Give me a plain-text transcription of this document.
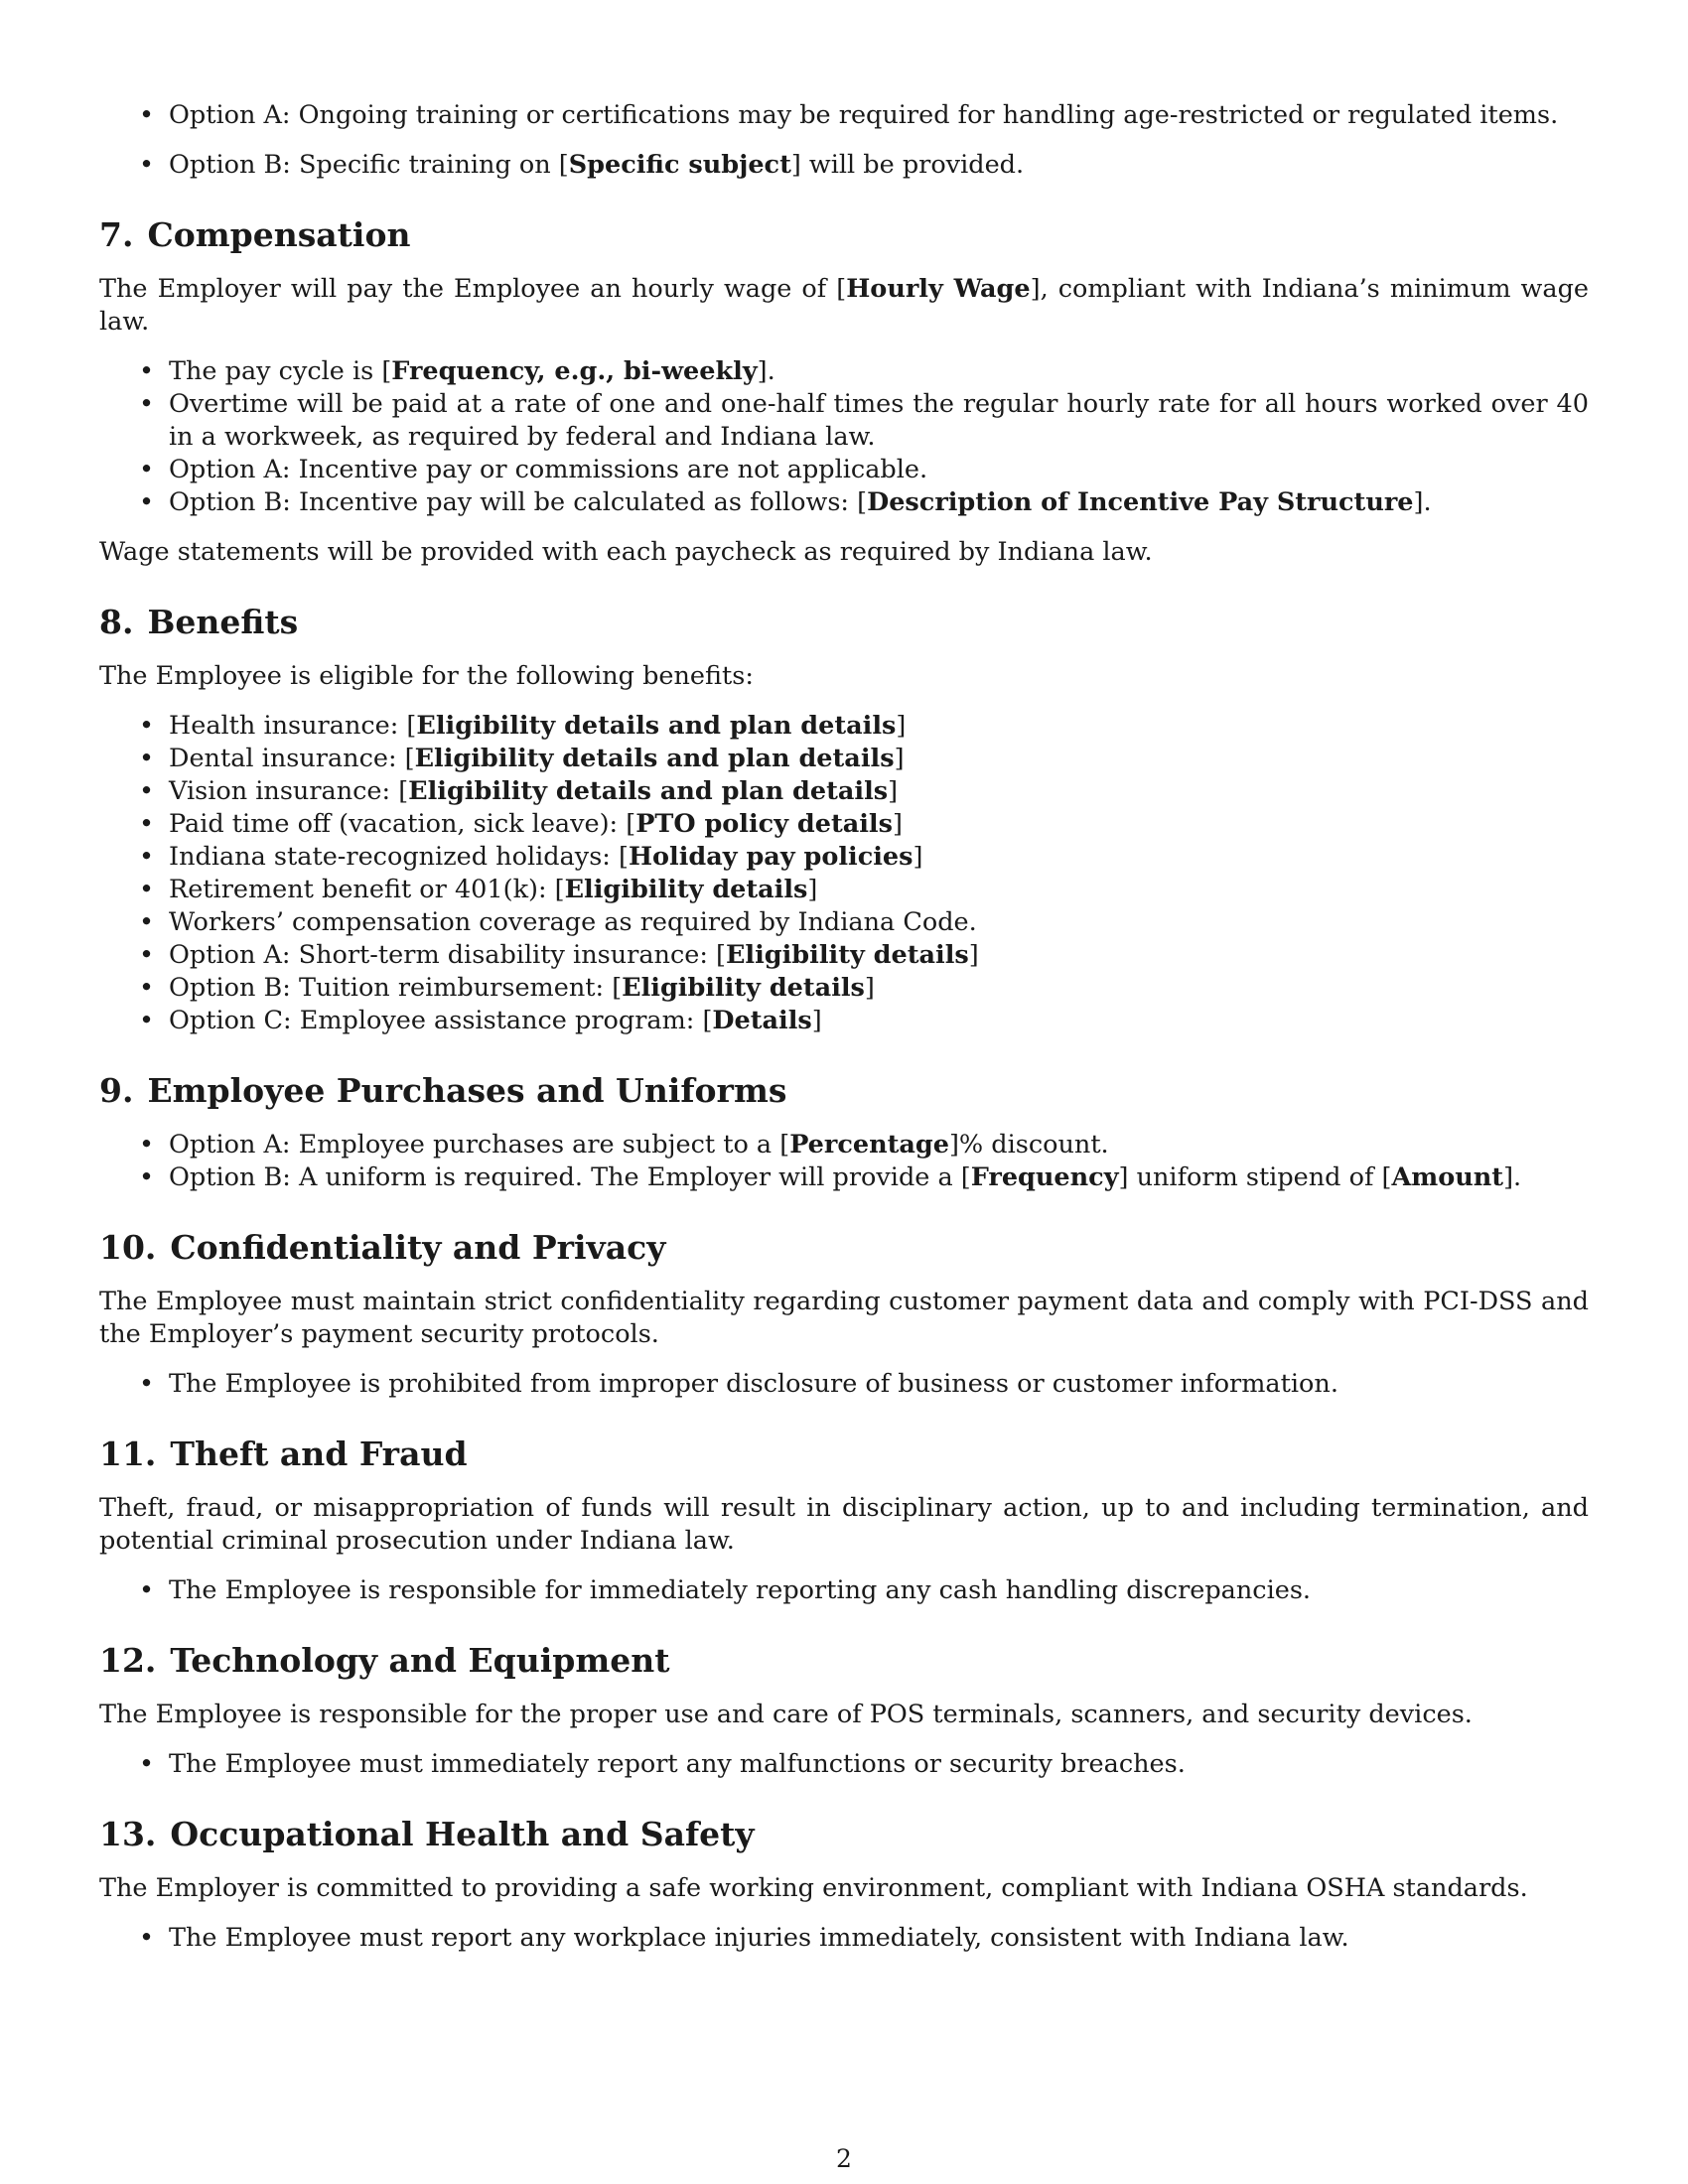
• Option A: Ongoing training or certifications may be required for handling age-restricted or regulated items.
• Option B: Specific training on [Specific subject] will be provided.
7. Compensation

The Employer will pay the Employee an hourly wage of [Hourly Wage], compliant with Indiana’s minimum wage law.

• The pay cycle is [Frequency, e.g., bi-weekly].
• Overtime will be paid at a rate of one and one-half times the regular hourly rate for all hours worked over 40 in a workweek, as required by federal and Indiana law.
• Option A: Incentive pay or commissions are not applicable.
• Option B: Incentive pay will be calculated as follows: [Description of Incentive Pay Structure].

Wage statements will be provided with each paycheck as required by Indiana law.

8. Benefits

The Employee is eligible for the following benefits:

• Health insurance: [Eligibility details and plan details]
• Dental insurance: [Eligibility details and plan details]
• Vision insurance: [Eligibility details and plan details]
• Paid time off (vacation, sick leave): [PTO policy details]
• Indiana state-recognized holidays: [Holiday pay policies]
• Retirement benefit or 401(k): [Eligibility details]
• Workers’ compensation coverage as required by Indiana Code.
• Option A: Short-term disability insurance: [Eligibility details]
• Option B: Tuition reimbursement: [Eligibility details]
• Option C: Employee assistance program: [Details]
9. Employee Purchases and Uniforms
• Option A: Employee purchases are subject to a [Percentage]% discount.
• Option B: A uniform is required. The Employer will provide a [Frequency] uniform stipend of [Amount].
10. Confidentiality and Privacy

The Employee must maintain strict confidentiality regarding customer payment data and comply with PCI-DSS and the Employer’s payment security protocols.

• The Employee is prohibited from improper disclosure of business or customer information.
11. Theft and Fraud

Theft, fraud, or misappropriation of funds will result in disciplinary action, up to and including termination, and potential criminal prosecution under Indiana law.

• The Employee is responsible for immediately reporting any cash handling discrepancies.
12. Technology and Equipment

The Employee is responsible for the proper use and care of POS terminals, scanners, and security devices.

• The Employee must immediately report any malfunctions or security breaches.
13. Occupational Health and Safety

The Employer is committed to providing a safe working environment, compliant with Indiana OSHA standards.

• The Employee must report any workplace injuries immediately, consistent with Indiana law.
2
